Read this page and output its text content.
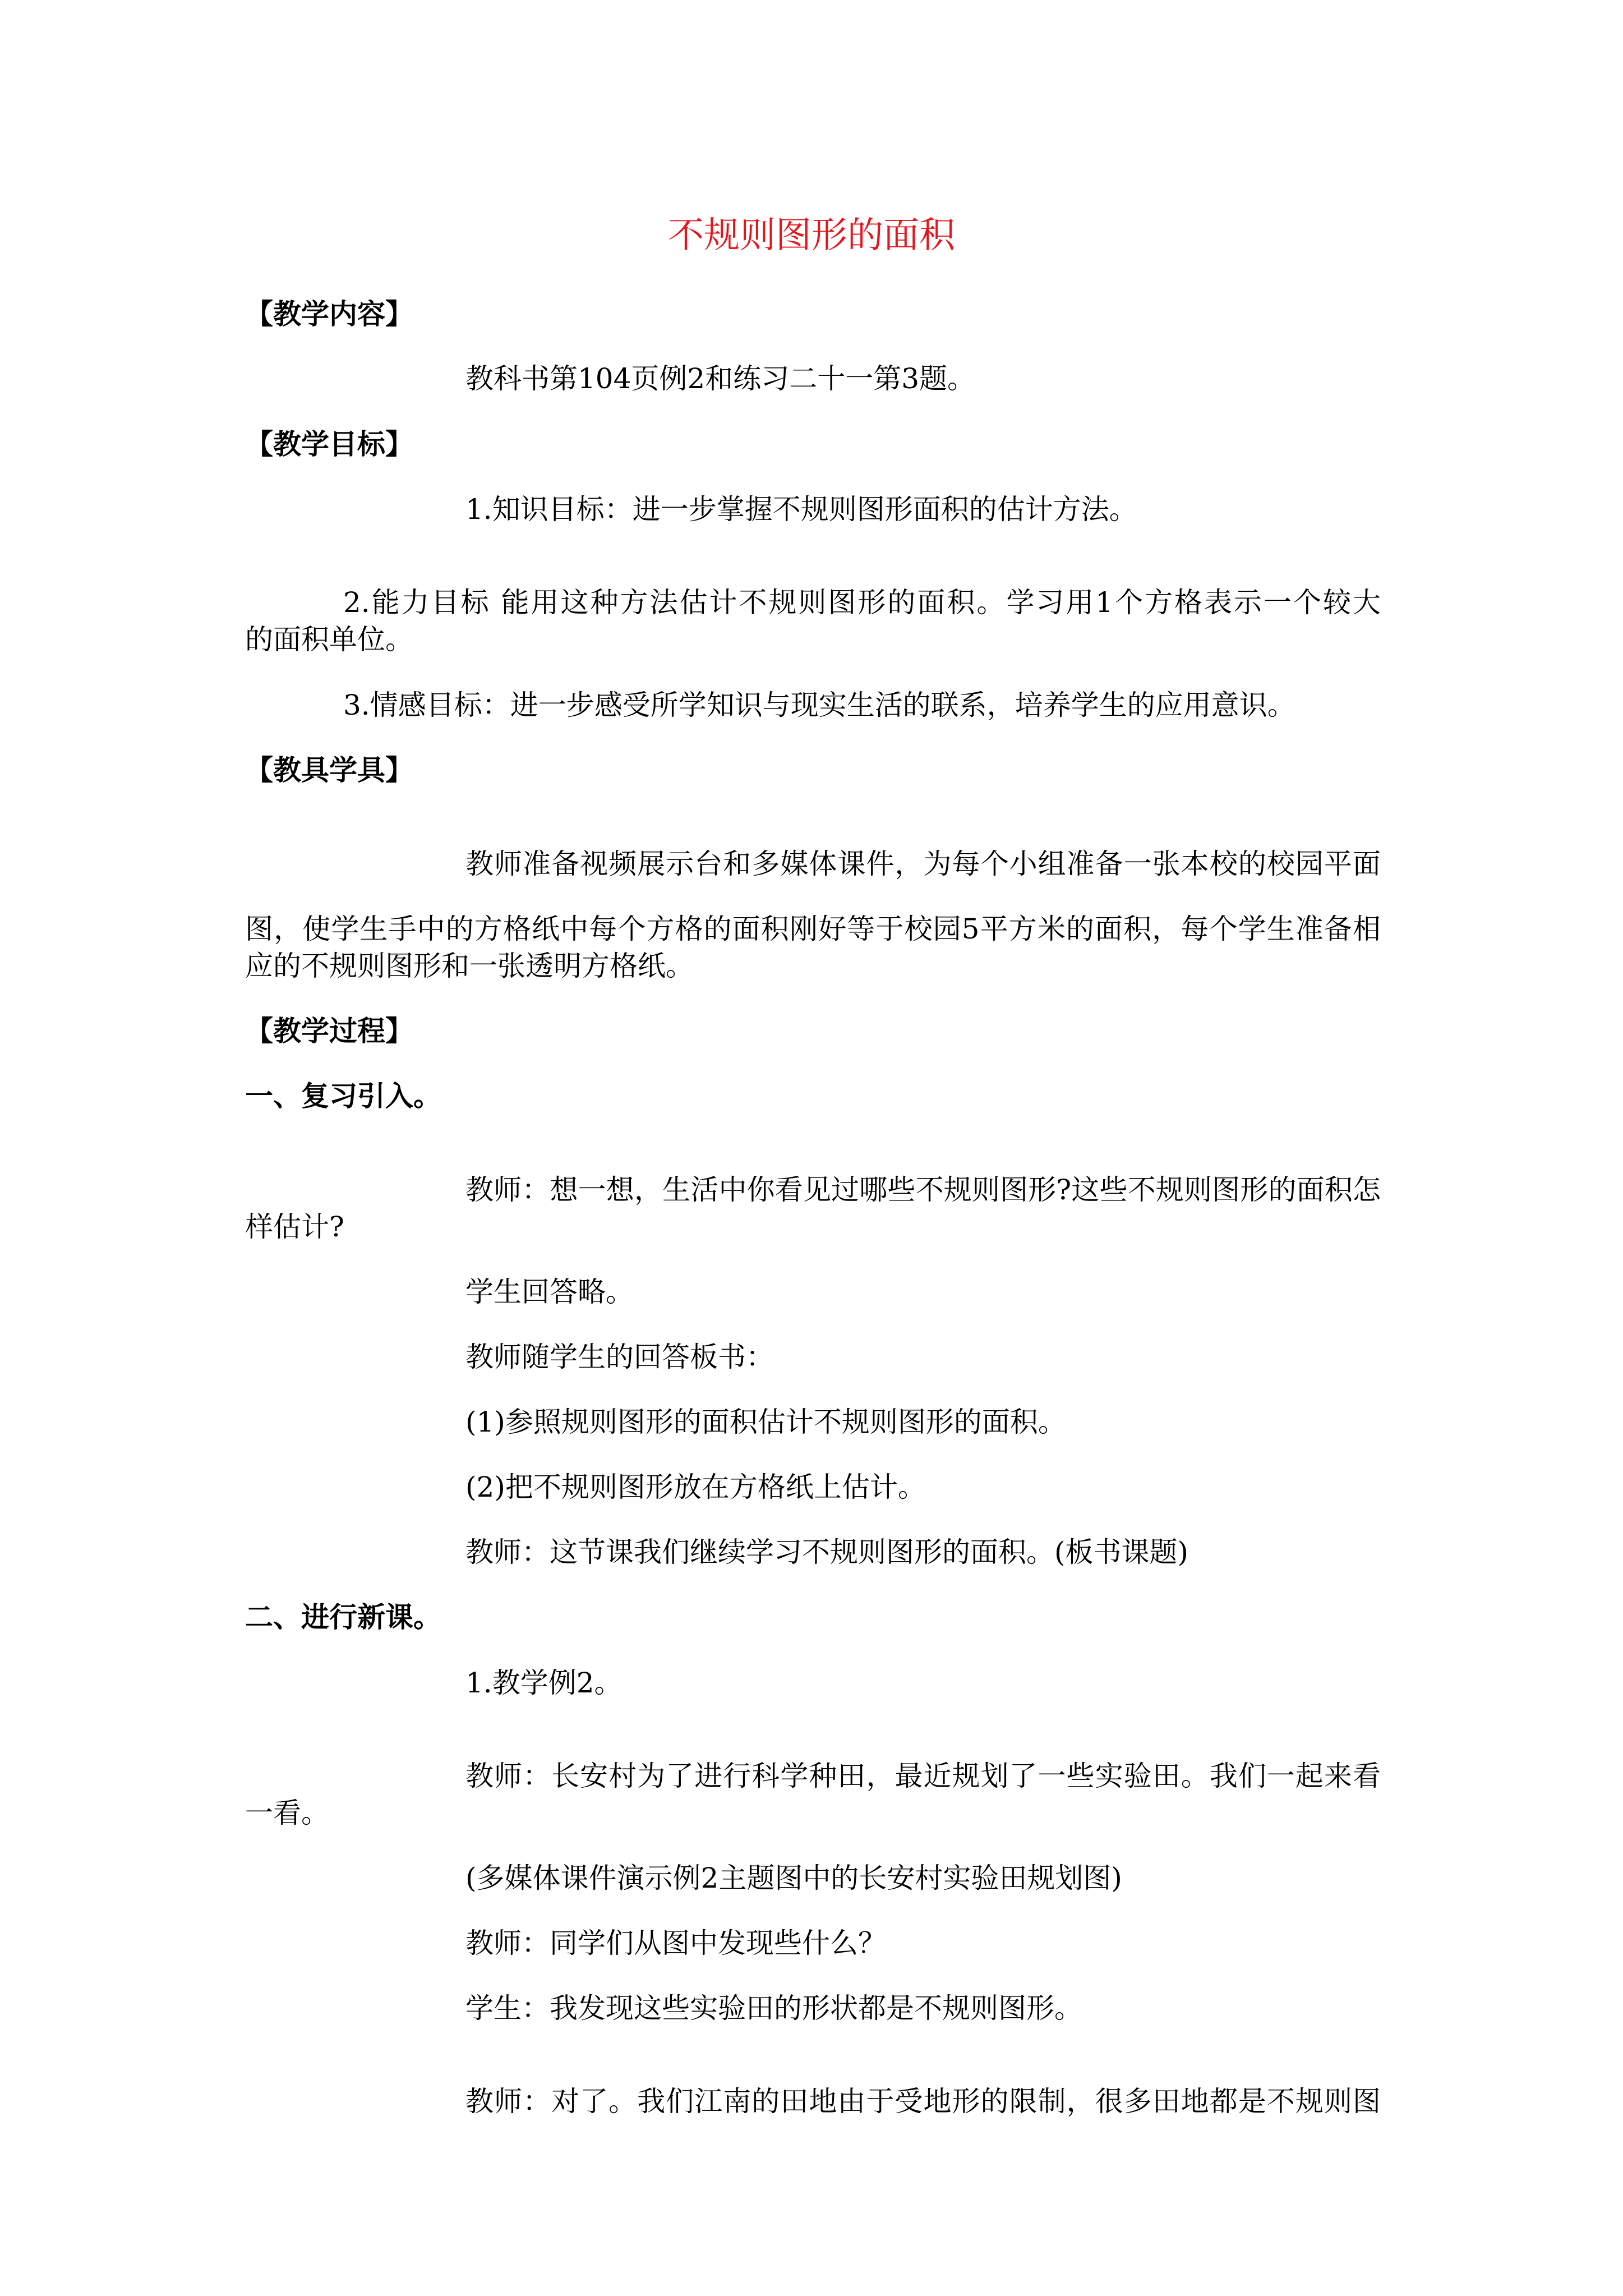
不规则图形的面积

【教学内容】

教科书第104页例2和练习二十一第3题。

【教学目标】

1.知识目标：进一步掌握不规则图形面积的估计方法。

2.能力目标 能用这种方法估计不规则图形的面积。学习用1个方格表示一个较大

的面积单位。

3.情感目标：进一步感受所学知识与现实生活的联系，培养学生的应用意识。

【教具学具】

教师准备视频展示台和多媒体课件，为每个小组准备一张本校的校园平面

图，使学生手中的方格纸中每个方格的面积刚好等于校园5平方米的面积，每个学生准备相

应的不规则图形和一张透明方格纸。

【教学过程】

一、复习引入。

教师：想一想，生活中你看见过哪些不规则图形?这些不规则图形的面积怎

样估计?

学生回答略。

教师随学生的回答板书：

(1)参照规则图形的面积估计不规则图形的面积。

(2)把不规则图形放在方格纸上估计。

教师：这节课我们继续学习不规则图形的面积。(板书课题)

二、进行新课。

1.教学例2。

教师：长安村为了进行科学种田，最近规划了一些实验田。我们一起来看

一看。

(多媒体课件演示例2主题图中的长安村实验田规划图)

教师：同学们从图中发现些什么？

学生：我发现这些实验田的形状都是不规则图形。

教师：对了。我们江南的田地由于受地形的限制，很多田地都是不规则图
